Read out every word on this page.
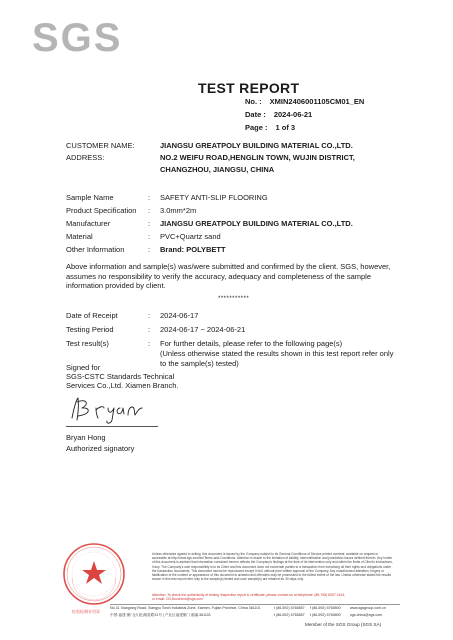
SGS
TEST REPORT
No. : XMIN2406001105CM01_EN
Date : 2024-06-21
Page : 1 of 3
CUSTOMER NAME:	JIANGSU GREATPOLY BUILDING MATERIAL CO.,LTD.
ADDRESS:	NO.2 WEIFU ROAD,HENGLIN TOWN, WUJIN DISTRICT,
CHANGZHOU, JIANGSU, CHINA
Sample Name	: SAFETY ANTI-SLIP FLOORING
Product Specification : 3.0mm*2m
Manufacturer	: JIANGSU GREATPOLY BUILDING MATERIAL CO.,LTD.
Material	: PVC+Quartz sand
Other Information	: Brand: POLYBETT
Above information and sample(s) was/were submitted and confirmed by the client. SGS, however, assumes no responsibility to verify the accuracy, adequacy and completeness of the sample information provided by client.
***********
Date of Receipt	: 2024-06-17
Testing Period	: 2024-06-17 ~ 2024-06-21
Test result(s)	: For further details, please refer to the following page(s)
(Unless otherwise stated the results shown in this test report refer only
to the sample(s) tested)
Signed for
SGS-CSTC Standards Technical
Services Co.,Ltd. Xiamen Branch.
Bryan Hong
Authorized signatory
Unless otherwise agreed in writing, this document is issued by the Company subject to its General Conditions of Service printed overleaf, available on request or accessible at http://www.sgs.com/en/Terms-and-Conditions. Attention is drawn to the limitation of liability, indemnification and jurisdiction issues defined therein. Any holder of this document is advised that information contained hereon reflects the Company's findings at the time of its intervention only and within the limits of Client's instructions, if any. The Company's sole responsibility is to its Client and this document does not exonerate parties to a transaction from exercising all their rights and obligations under the transaction documents. This document cannot be reproduced except in full, without prior written approval of the Company. Any unauthorized alteration, forgery or falsification of the content or appearance of this document is unlawful and offenders may be prosecuted to the fullest extent of the law. Unless otherwise stated the results shown in this test report refer only to the sample(s) tested and such sample(s) are retained for 30 days only.
Attention: To check the authenticity of testing /inspection report & certificate, please contact us at telephone: (86-755) 8307 1443,
or email: CN.Doccheck@sgs.com
No.31 Xiangxing Road, Xiangyu Torch Industrial Zone, Xiamen, Fujian Province, China 361101
中国·福建·厦门(火炬)翔星路31号 | 产业区福建厦门 邮编:361101
t (86-592) 5765857
t (86-592) 5765857
f (86-592) 5765800
f (86-592) 5765800
www.sgsgroup.com.cn
sgs.china@sgs.com
Member of the SGS Group (SGS SA)
检验检测专用章
